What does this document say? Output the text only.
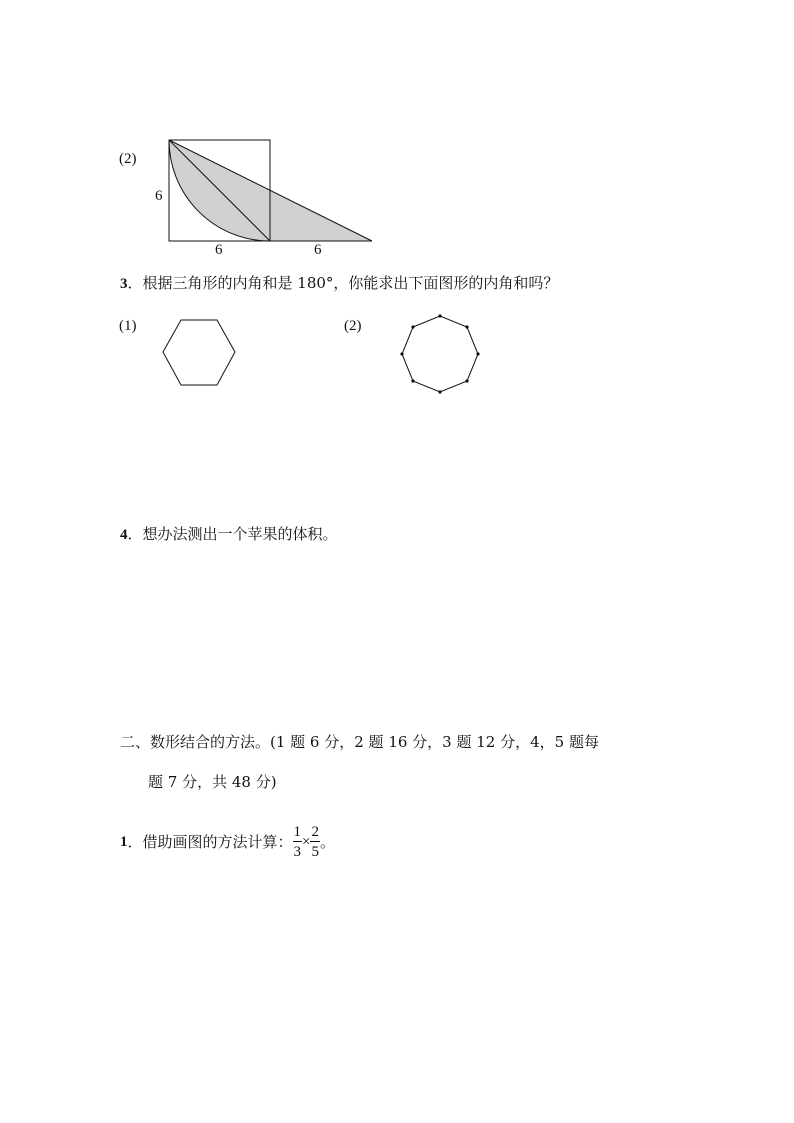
(2)
6
6	6
3．根据三角形的内角和是 180°，你能求出下面图形的内角和吗？
(1)	(2)
4．想办法测出一个苹果的体积。
二、数形结合的方法。(1 题 6 分，2 题 16 分，3 题 12 分，4，5 题每
题 7 分，共 48 分)
1 ．借助画图的方法计算： $\frac{1}{3} \times \frac{2}{5}$ 。
